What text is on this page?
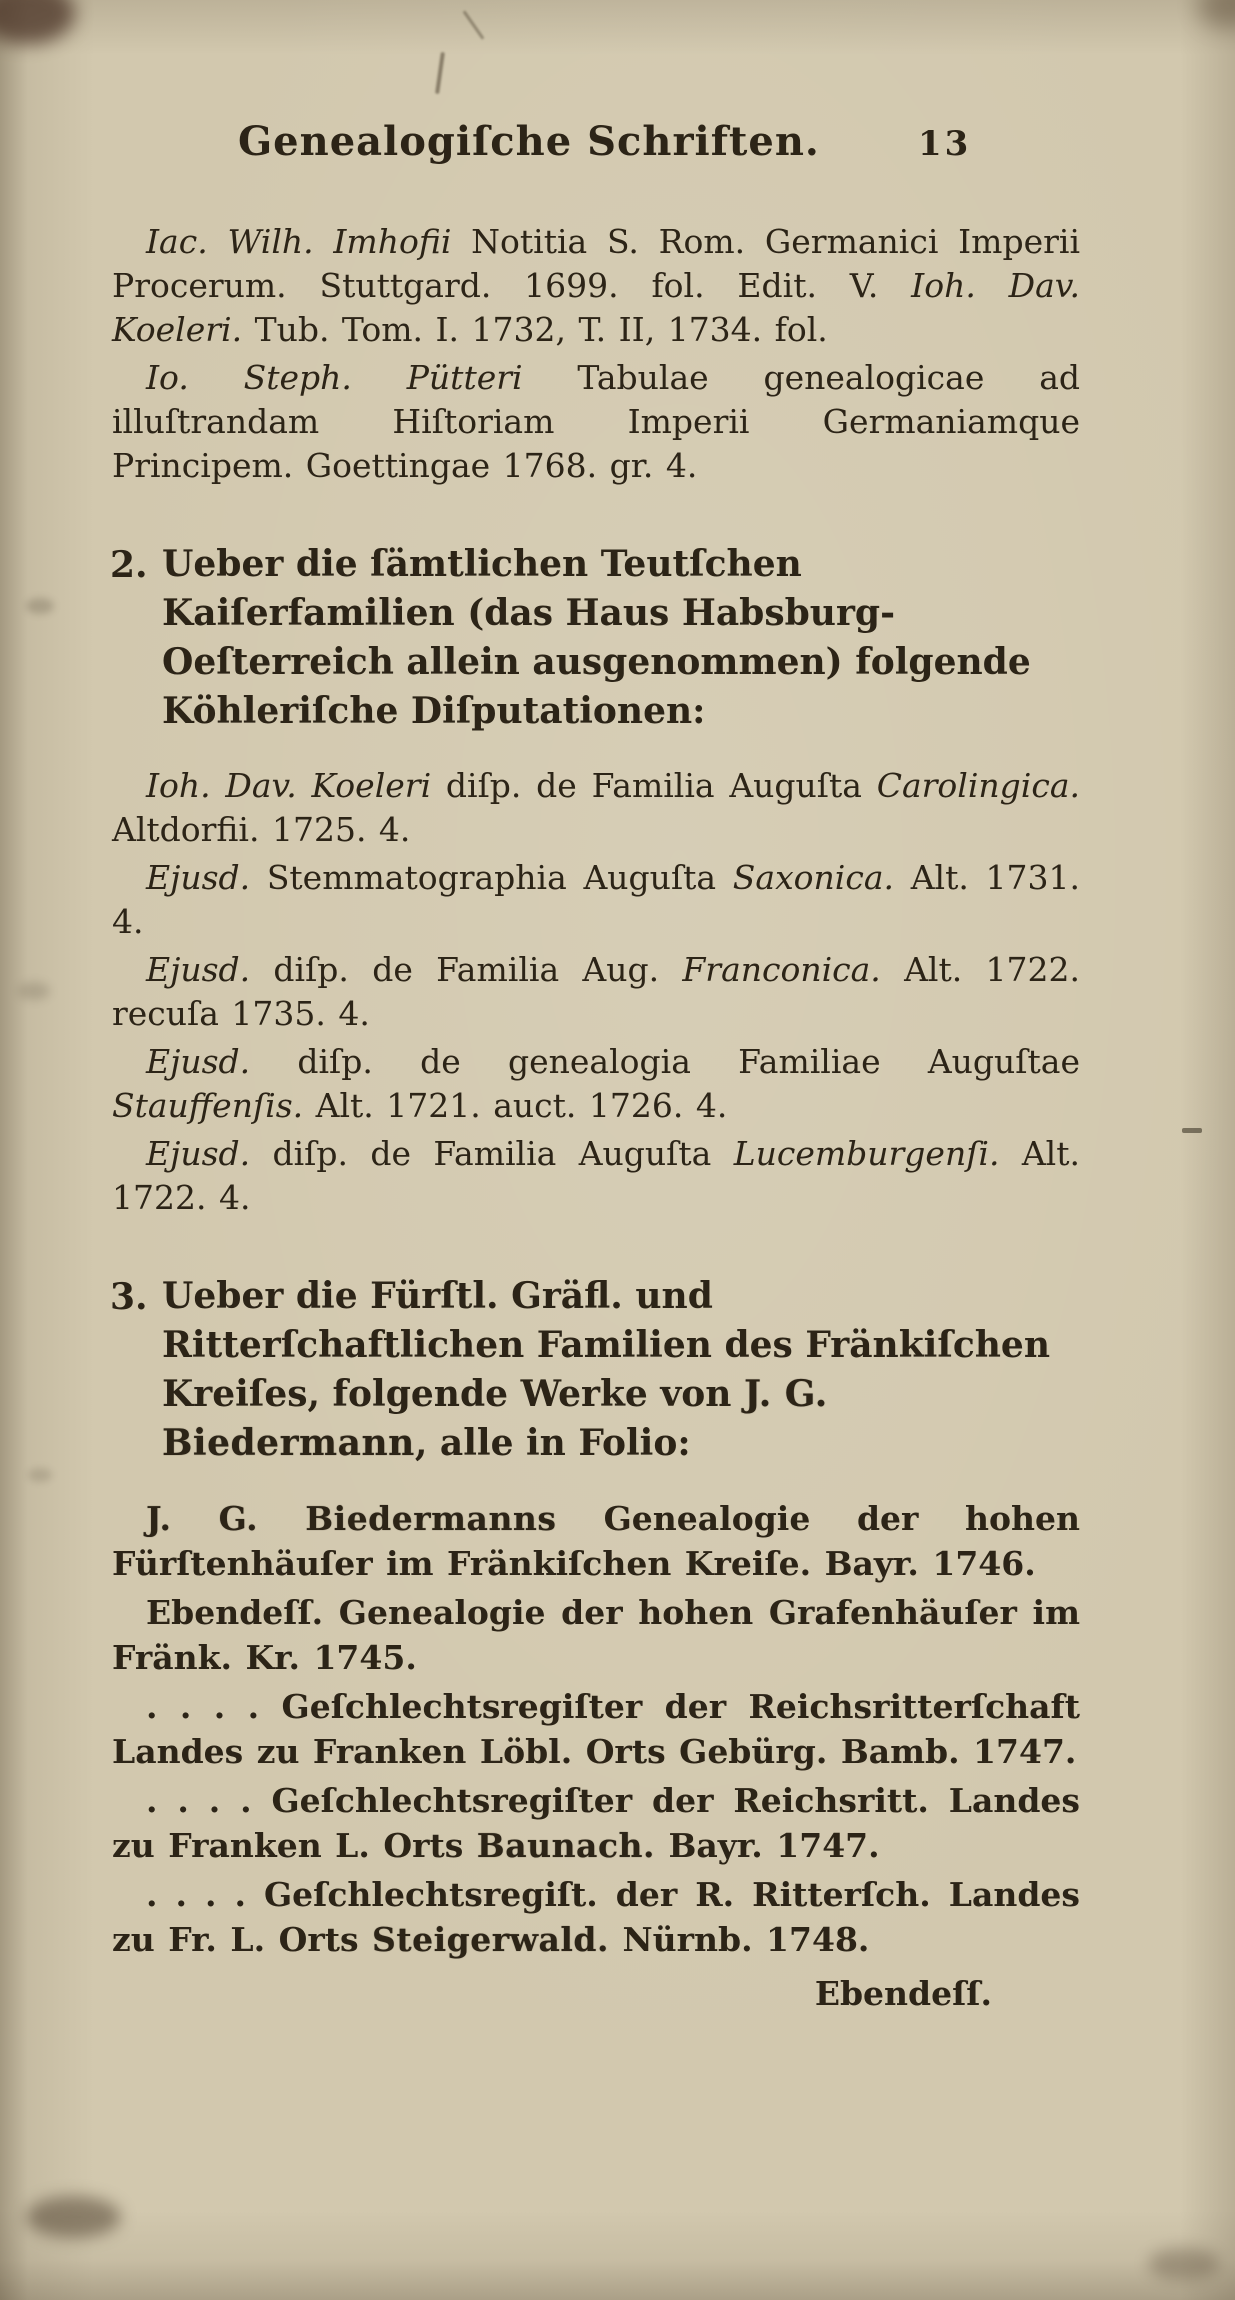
Genealogiſche Schriften.	13

Iac. Wilh. Imhofii Notitia S. Rom. Germanici Imperii Procerum. Stuttgard. 1699. fol. Edit. V. Ioh. Dav. Koeleri. Tub. Tom. I. 1732, T. II, 1734. fol.

Io. Steph. Pütteri Tabulae genealogicae ad illuſtrandam Hiſtoriam Imperii Germaniamque Principem. Goettingae 1768. gr. 4.

2. Ueber die ſämtlichen Teutſchen Kaiſerfamilien (das Haus Habsburg-Oeſterreich allein ausgenommen) folgende Köhleriſche Diſputationen:

Ioh. Dav. Koeleri diſp. de Familia Auguſta Carolingica. Altdorfii. 1725. 4.

Ejusd. Stemmatographia Auguſta Saxonica. Alt. 1731. 4.

Ejusd. diſp. de Familia Aug. Franconica. Alt. 1722. recuſa 1735. 4.

Ejusd. diſp. de genealogia Familiae Auguſtae Stauffenſis. Alt. 1721. auct. 1726. 4.

Ejusd. diſp. de Familia Auguſta Lucemburgenſi. Alt. 1722. 4.

3. Ueber die Fürſtl. Gräfl. und Ritterſchaftlichen Familien des Fränkiſchen Kreiſes, folgende Werke von J. G. Biedermann, alle in Folio:

J. G. Biedermanns Genealogie der hohen Fürſtenhäuſer im Fränkiſchen Kreiſe. Bayr. 1746.

Ebendeſſ. Genealogie der hohen Grafenhäuſer im Fränk. Kr. 1745.

. . . . Geſchlechtsregiſter der Reichsritterſchaft Landes zu Franken Löbl. Orts Gebürg. Bamb. 1747.

. . . . Geſchlechtsregiſter der Reichsritt. Landes zu Franken L. Orts Baunach. Bayr. 1747.

. . . . Geſchlechtsregiſt. der R. Ritterſch. Landes zu Fr. L. Orts Steigerwald. Nürnb. 1748.

Ebendeſſ.
